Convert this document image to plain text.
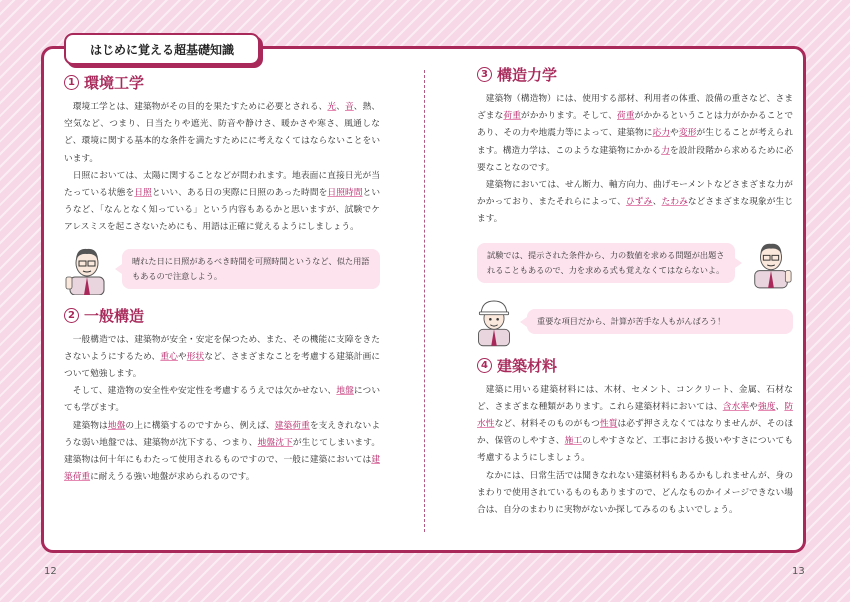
はじめに覚える超基礎知識
1 環境工学

環境工学とは、建築物がその目的を果たすために必要とされる、光、音、熱、空気など、つまり、日当たりや遮光、防音や静けさ、暖かさや寒さ、風通しなど、環境に関する基本的な条件を満たすためにに考えなくてはならないことをいいます。

日照においては、太陽に関することなどが問われます。地表面に直接日光が当たっている状態を日照といい、ある日の実際に日照のあった時間を日照時間というなど、「なんとなく知っている」という内容もあるかと思いますが、試験でケアレスミスを起こさないためにも、用語は正確に覚えるようにしましょう。

晴れた日に日照があるべき時間を可照時間というなど、似た用語もあるので注意しよう。
2 一般構造

一般構造では、建築物が安全・安定を保つため、また、その機能に支障をきたさないようにするため、重心や形状など、さまざまなことを考慮する建築計画について勉強します。

そして、建造物の安全性や安定性を考慮するうえでは欠かせない、地盤についても学びます。

建築物は地盤の上に構築するのですから、例えば、建築荷重を支えきれないような弱い地盤では、建築物が沈下する、つまり、地盤沈下が生じてしまいます。建築物は何十年にもわたって使用されるものですので、一般に建築においては建築荷重に耐えうる強い地盤が求められるのです。

3 構造力学

建築物（構造物）には、使用する部材、利用者の体重、設備の重さなど、さまざまな荷重がかかります。そして、荷重がかかるということは力がかかることであり、その力や地震力等によって、建築物に応力や変形が生じることが考えられます。構造力学は、このような建築物にかかる力を設計段階から求めるために必要なことなのです。

建築物においては、せん断力、軸方向力、曲げモーメントなどさまざまな力がかかっており、またそれらによって、ひずみ、たわみなどさまざまな現象が生じます。

試験では、提示された条件から、力の数値を求める問題が出題されることもあるので、力を求める式も覚えなくてはならないよ。
重要な項目だから、計算が苦手な人もがんばろう！
4 建築材料

建築に用いる建築材料には、木材、セメント、コンクリート、金属、石材など、さまざまな種類があります。これら建築材料においては、含水率や強度、防水性など、材料そのものがもつ性質は必ず押さえなくてはなりませんが、そのほか、保管のしやすさ、施工のしやすさなど、工事における扱いやすさについても考慮するようにしましょう。

なかには、日常生活では聞きなれない建築材料もあるかもしれませんが、身のまわりで使用されているものもありますので、どんなものかイメージできない場合は、自分のまわりに実物がないか探してみるのもよいでしょう。

12	13
